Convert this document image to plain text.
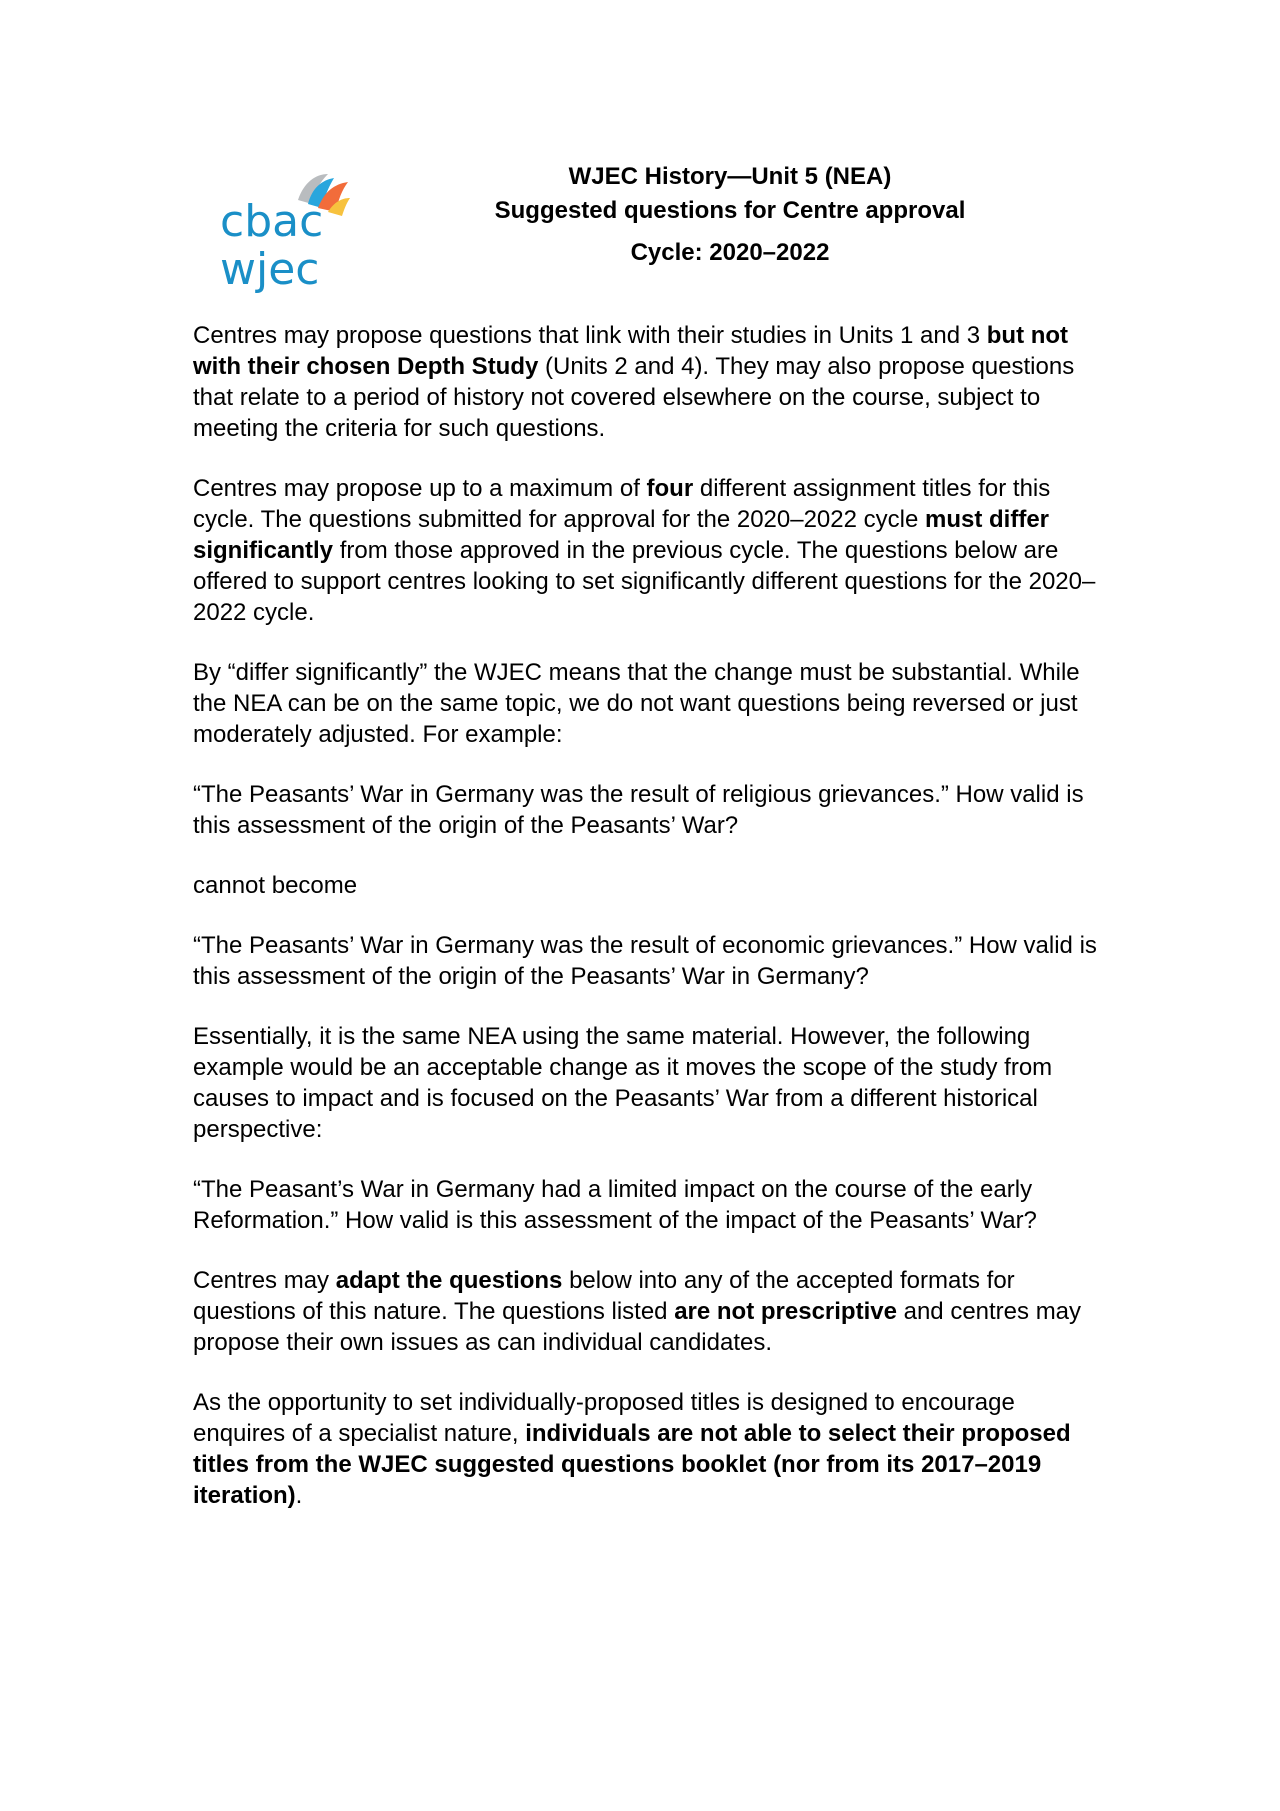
cbac
wjec
WJEC History—Unit 5 (NEA)
Suggested questions for Centre approval
Cycle: 2020–2022

Centres may propose questions that link with their studies in Units 1 and 3 but not with their chosen Depth Study (Units 2 and 4). They may also propose questions that relate to a period of history not covered elsewhere on the course, subject to meeting the criteria for such questions.

Centres may propose up to a maximum of four different assignment titles for this cycle. The questions submitted for approval for the 2020–2022 cycle must differ significantly from those approved in the previous cycle. The questions below are offered to support centres looking to set significantly different questions for the 2020–2022 cycle.

By “differ significantly” the WJEC means that the change must be substantial. While the NEA can be on the same topic, we do not want questions being reversed or just moderately adjusted. For example:

“The Peasants’ War in Germany was the result of religious grievances.” How valid is this assessment of the origin of the Peasants’ War?

cannot become

“The Peasants’ War in Germany was the result of economic grievances.” How valid is this assessment of the origin of the Peasants’ War in Germany?

Essentially, it is the same NEA using the same material. However, the following example would be an acceptable change as it moves the scope of the study from causes to impact and is focused on the Peasants’ War from a different historical perspective:

“The Peasant’s War in Germany had a limited impact on the course of the early Reformation.” How valid is this assessment of the impact of the Peasants’ War?

Centres may adapt the questions below into any of the accepted formats for questions of this nature. The questions listed are not prescriptive and centres may propose their own issues as can individual candidates.

As the opportunity to set individually-proposed titles is designed to encourage enquires of a specialist nature, individuals are not able to select their proposed titles from the WJEC suggested questions booklet (nor from its 2017–2019 iteration).
